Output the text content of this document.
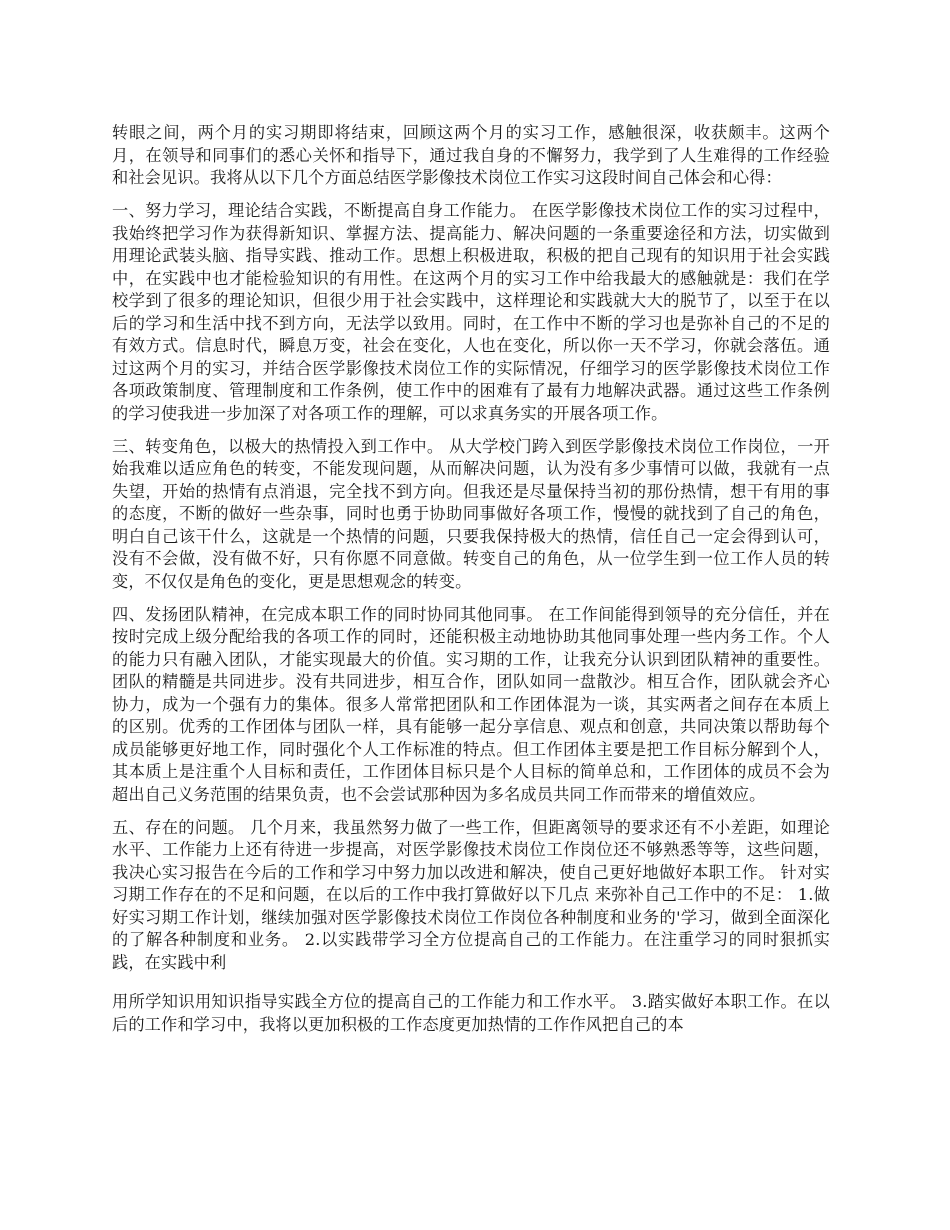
转眼之间，两个月的实习期即将结束，回顾这两个月的实习工作，感触很深，收获颇丰。这两个月，在领导和同事们的悉心关怀和指导下，通过我自身的不懈努力，我学到了人生难得的工作经验和社会见识。我将从以下几个方面总结医学影像技术岗位工作实习这段时间自己体会和心得：

一、努力学习，理论结合实践，不断提高自身工作能力。 在医学影像技术岗位工作的实习过程中，我始终把学习作为获得新知识、掌握方法、提高能力、解决问题的一条重要途径和方法，切实做到用理论武装头脑、指导实践、推动工作。思想上积极进取，积极的把自己现有的知识用于社会实践中，在实践中也才能检验知识的有用性。在这两个月的实习工作中给我最大的感触就是：我们在学校学到了很多的理论知识，但很少用于社会实践中，这样理论和实践就大大的脱节了，以至于在以后的学习和生活中找不到方向，无法学以致用。同时，在工作中不断的学习也是弥补自己的不足的有效方式。信息时代，瞬息万变，社会在变化，人也在变化，所以你一天不学习，你就会落伍。通过这两个月的实习，并结合医学影像技术岗位工作的实际情况，仔细学习的医学影像技术岗位工作各项政策制度、管理制度和工作条例，使工作中的困难有了最有力地解决武器。通过这些工作条例的学习使我进一步加深了对各项工作的理解，可以求真务实的开展各项工作。

三、转变角色，以极大的热情投入到工作中。 从大学校门跨入到医学影像技术岗位工作岗位，一开始我难以适应角色的转变，不能发现问题，从而解决问题，认为没有多少事情可以做，我就有一点失望，开始的热情有点消退，完全找不到方向。但我还是尽量保持当初的那份热情，想干有用的事的态度，不断的做好一些杂事，同时也勇于协助同事做好各项工作，慢慢的就找到了自己的角色，明白自己该干什么，这就是一个热情的问题，只要我保持极大的热情，信任自己一定会得到认可，没有不会做，没有做不好，只有你愿不同意做。转变自己的角色，从一位学生到一位工作人员的转变，不仅仅是角色的变化，更是思想观念的转变。

四、发扬团队精神，在完成本职工作的同时协同其他同事。 在工作间能得到领导的充分信任，并在按时完成上级分配给我的各项工作的同时，还能积极主动地协助其他同事处理一些内务工作。个人的能力只有融入团队，才能实现最大的价值。实习期的工作，让我充分认识到团队精神的重要性。 团队的精髓是共同进步。没有共同进步，相互合作，团队如同一盘散沙。相互合作，团队就会齐心协力，成为一个强有力的集体。很多人常常把团队和工作团体混为一谈，其实两者之间存在本质上的区别。优秀的工作团体与团队一样，具有能够一起分享信息、观点和创意，共同决策以帮助每个成员能够更好地工作，同时强化个人工作标准的特点。但工作团体主要是把工作目标分解到个人，其本质上是注重个人目标和责任，工作团体目标只是个人目标的简单总和，工作团体的成员不会为超出自己义务范围的结果负责，也不会尝试那种因为多名成员共同工作而带来的增值效应。

五、存在的问题。 几个月来，我虽然努力做了一些工作，但距离领导的要求还有不小差距，如理论水平、工作能力上还有待进一步提高，对医学影像技术岗位工作岗位还不够熟悉等等，这些问题，我决心实习报告在今后的工作和学习中努力加以改进和解决，使自己更好地做好本职工作。 针对实习期工作存在的不足和问题，在以后的工作中我打算做好以下几点 来弥补自己工作中的不足： 1.做好实习期工作计划，继续加强对医学影像技术岗位工作岗位各种制度和业务的'学习，做到全面深化的了解各种制度和业务。 2.以实践带学习全方位提高自己的工作能力。在注重学习的同时狠抓实践，在实践中利

用所学知识用知识指导实践全方位的提高自己的工作能力和工作水平。 3.踏实做好本职工作。在以后的工作和学习中，我将以更加积极的工作态度更加热情的工作作风把自己的本
